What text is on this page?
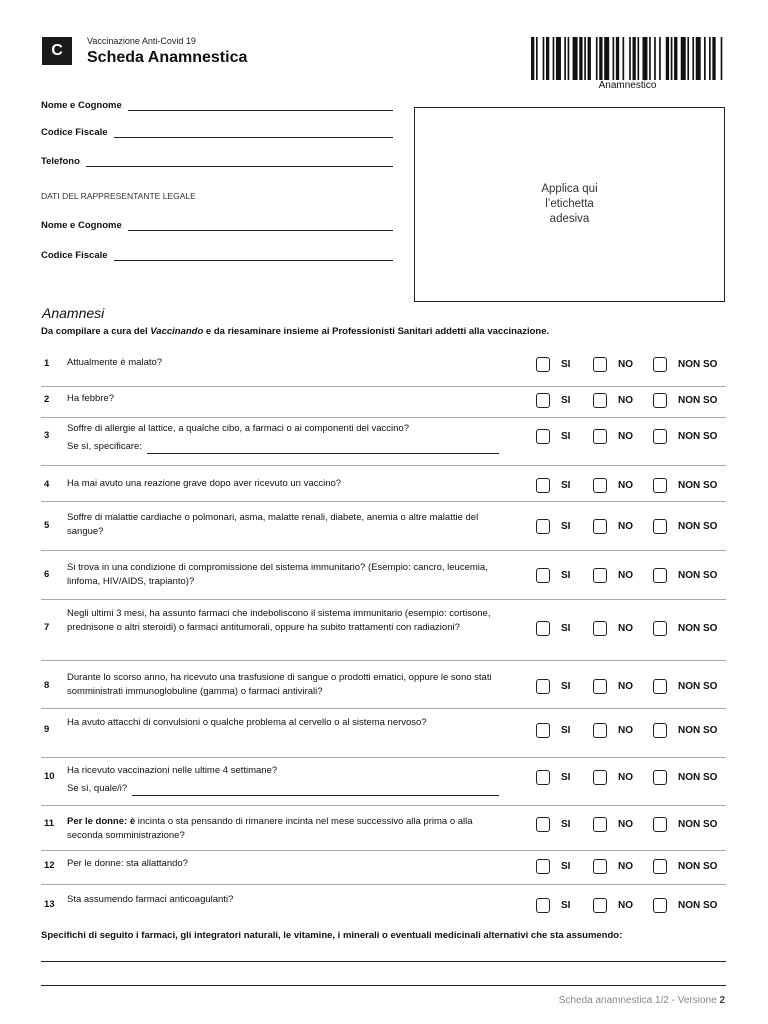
C
Vaccinazione Anti-Covid 19
Scheda Anamnestica
Anamnestico
Nome e Cognome
Codice Fiscale
Telefono
DATI DEL RAPPRESENTANTE LEGALE
Nome e Cognome
Codice Fiscale
Applica qui l’etichetta adesiva
Anamnesi
Da compilare a cura del Vaccinando e da riesaminare insieme ai Professionisti Sanitari addetti alla vaccinazione.
1 Attualmente è malato?	SI	NO	NON SO
2 Ha febbre?	SI	NO	NON SO
3
Soffre di allergie al lattice, a qualche cibo, a farmaci o ai componenti del vaccino?
Se sì, specificare:
SI	NO	NON SO
4 Ha mai avuto una reazione grave dopo aver ricevuto un vaccino?	SI	NO	NON SO
5
Soffre di malattie cardiache o polmonari, asma, malatte renali, diabete, anemia o altre malattie del sangue?	SI	NO	NON SO
6
Si trova in una condizione di compromissione del sistema immunitario? (Esempio: cancro, leucemia, linfoma, HIV/AIDS, trapianto)?
SI	NO	NON SO
7
Negli ultimi 3 mesi, ha assunto farmaci che indeboliscono il sistema immunitario (esempio: cortisone, prednisone o altri steroidi) o farmaci antitumorali, oppure ha subito trattamenti con radiazioni?	SI	NO	NON SO
8
Durante lo scorso anno, ha ricevuto una trasfusione di sangue o prodotti ematici, oppure le sono stati somministrati immunoglobuline (gamma) o farmaci antivirali?	SI	NO	NON SO
9
Ha avuto attacchi di convulsioni o qualche problema al cervello o al sistema nervoso?
SI	NO	NON SO
10
Ha ricevuto vaccinazioni nelle ultime 4 settimane?
Se sì, quale/i?
SI	NO	NON SO
11 Per le donne: è incinta o sta pensando di rimanere incinta nel mese successivo alla prima o alla seconda somministrazione?
SI	NO	NON SO
12 Per le donne: sta allattando?	SI	NO	NON SO
13 Sta assumendo farmaci anticoagulanti?	SI	NO	NON SO
Specifichi di seguito i farmaci, gli integratori naturali, le vitamine, i minerali o eventuali medicinali alternativi che sta assumendo:
Scheda anamnestica 1/2 - Versione 2
